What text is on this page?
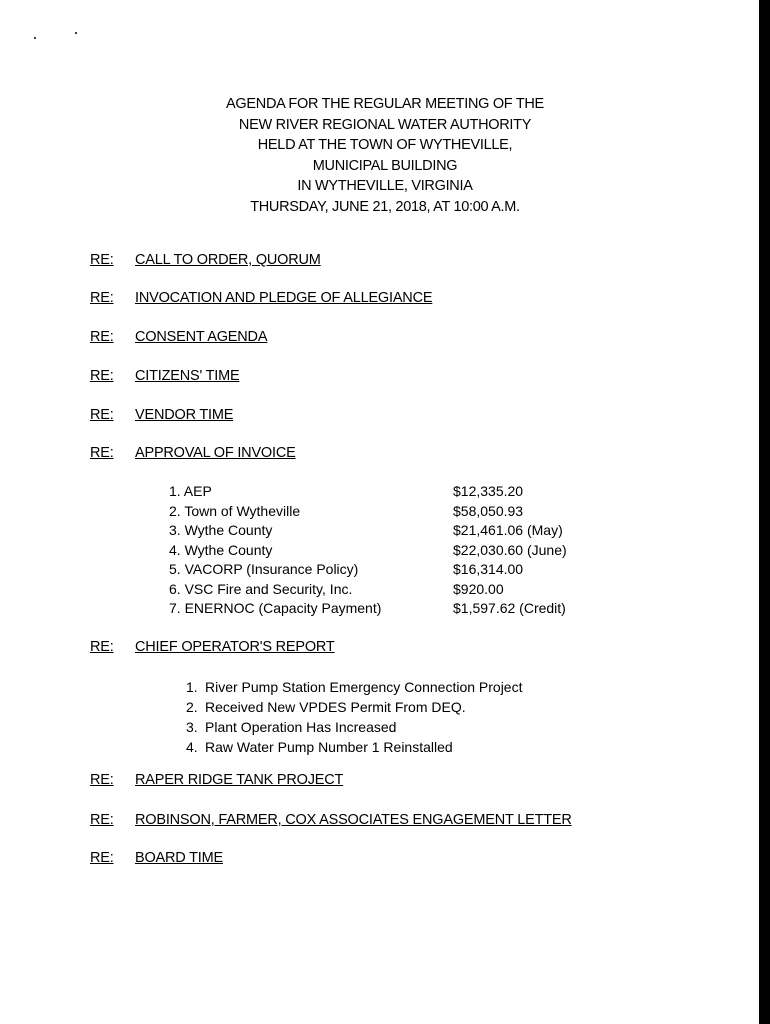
AGENDA FOR THE REGULAR MEETING OF THE
NEW RIVER REGIONAL WATER AUTHORITY
HELD AT THE TOWN OF WYTHEVILLE,
MUNICIPAL BUILDING
IN WYTHEVILLE, VIRGINIA
THURSDAY, JUNE 21, 2018, AT 10:00 A.M.
RE: CALL TO ORDER, QUORUM
RE: INVOCATION AND PLEDGE OF ALLEGIANCE
RE: CONSENT AGENDA
RE: CITIZENS' TIME
RE: VENDOR TIME
RE: APPROVAL OF INVOICE
1. AEP	$12,335.20
2. Town of Wytheville	$58,050.93
3. Wythe County	$21,461.06 (May)
4. Wythe County	$22,030.60 (June)
5. VACORP (Insurance Policy)	$16,314.00
6. VSC Fire and Security, Inc.	$920.00
7. ENERNOC (Capacity Payment)	$1,597.62 (Credit)
RE: CHIEF OPERATOR'S REPORT
1. River Pump Station Emergency Connection Project
2. Received New VPDES Permit From DEQ.
3. Plant Operation Has Increased
4. Raw Water Pump Number 1 Reinstalled
RE: RAPER RIDGE TANK PROJECT
RE: ROBINSON, FARMER, COX ASSOCIATES ENGAGEMENT LETTER
RE: BOARD TIME
